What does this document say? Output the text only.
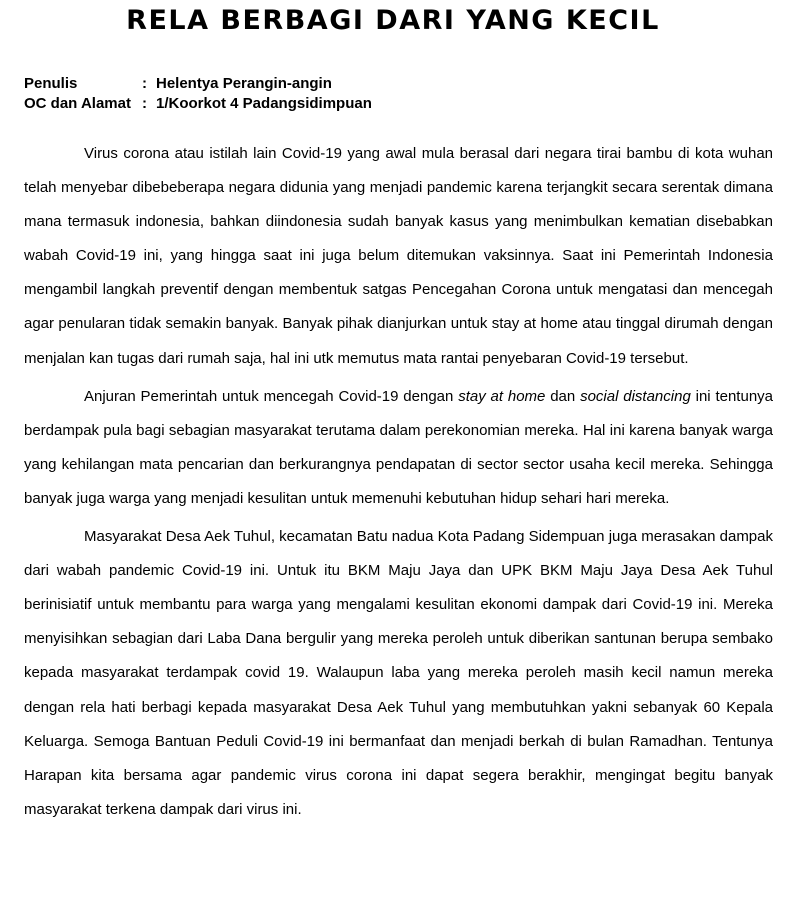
RELA BERBAGI DARI YANG KECIL
Penulis	: Helentya Perangin-angin
OC dan Alamat : 1/Koorkot 4 Padangsidimpuan

Virus corona atau istilah lain Covid-19 yang awal mula berasal dari negara tirai bambu di kota wuhan telah menyebar dibebeberapa negara didunia yang menjadi pandemic karena terjangkit secara serentak dimana mana termasuk indonesia, bahkan diindonesia sudah banyak kasus yang menimbulkan kematian disebabkan wabah Covid-19 ini, yang hingga saat ini juga belum ditemukan vaksinnya. Saat ini Pemerintah Indonesia mengambil langkah preventif dengan membentuk satgas Pencegahan Corona untuk mengatasi dan mencegah agar penularan tidak semakin banyak. Banyak pihak dianjurkan untuk stay at home atau tinggal dirumah dengan menjalan kan tugas dari rumah saja, hal ini utk memutus mata rantai penyebaran Covid-19 tersebut.

Anjuran Pemerintah untuk mencegah Covid-19 dengan stay at home dan social distancing ini tentunya berdampak pula bagi sebagian masyarakat terutama dalam perekonomian mereka. Hal ini karena banyak warga yang kehilangan mata pencarian dan berkurangnya pendapatan di sector sector usaha kecil mereka. Sehingga banyak juga warga yang menjadi kesulitan untuk memenuhi kebutuhan hidup sehari hari mereka.

Masyarakat Desa Aek Tuhul, kecamatan Batu nadua Kota Padang Sidempuan juga merasakan dampak dari wabah pandemic Covid-19 ini. Untuk itu BKM Maju Jaya dan UPK BKM Maju Jaya Desa Aek Tuhul berinisiatif untuk membantu para warga yang mengalami kesulitan ekonomi dampak dari Covid-19 ini. Mereka menyisihkan sebagian dari Laba Dana bergulir yang mereka peroleh untuk diberikan santunan berupa sembako kepada masyarakat terdampak covid 19. Walaupun laba yang mereka peroleh masih kecil namun mereka dengan rela hati berbagi kepada masyarakat Desa Aek Tuhul yang membutuhkan yakni sebanyak 60 Kepala Keluarga. Semoga Bantuan Peduli Covid-19 ini bermanfaat dan menjadi berkah di bulan Ramadhan. Tentunya Harapan kita bersama agar pandemic virus corona ini dapat segera berakhir, mengingat begitu banyak masyarakat terkena dampak dari virus ini.
